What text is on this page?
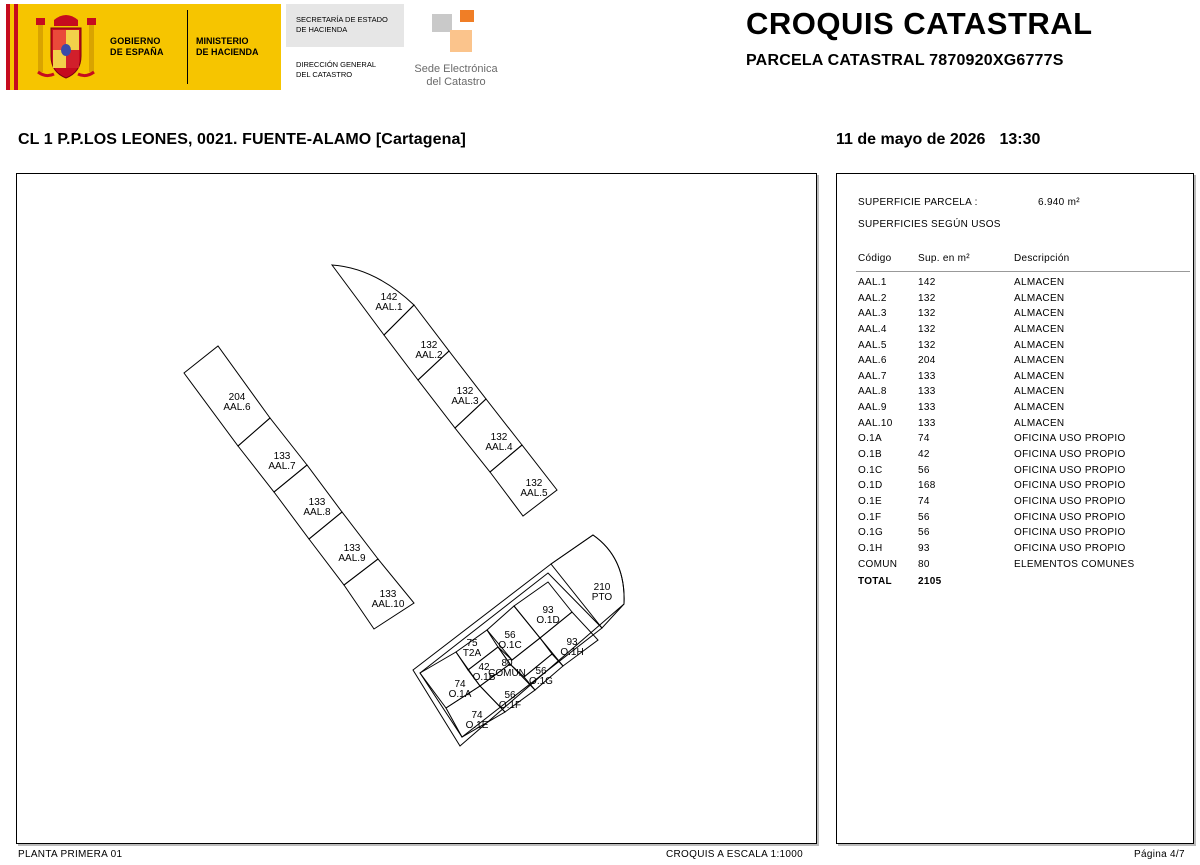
GOBIERNO
DE ESPAÑA
MINISTERIO
DE HACIENDA
SECRETARÍA DE ESTADO
DE HACIENDA
DIRECCIÓN GENERAL
DEL CATASTRO	Sede Electrónica
del Catastro
CROQUIS CATASTRAL
PARCELA CATASTRAL 7870920XG6777S
CL 1 P.P.LOS LEONES, 0021. FUENTE-ALAMO [Cartagena]	11 de mayo de 2026 13:30
142
AAL.1
132
AAL.2
132
AAL.3
132
AAL.4
132
AAL.5
204
AAL.6
133
AAL.7
133
AAL.8
133
AAL.9
133
AAL.10
210
PTO
93
O.1D
93
O.1H
56
O.1C
75
T2A
42
O.1B
80
COMUN 56
O.1G
74
O.1A	56
O.1F
74
O.1E
SUPERFICIE PARCELA :	6.940 m²
SUPERFICIES SEGÚN USOS
Código	Sup. en m²	Descripción
AAL.1	142	ALMACEN
AAL.2	132	ALMACEN
AAL.3	132	ALMACEN
AAL.4	132	ALMACEN
AAL.5	132	ALMACEN
AAL.6	204	ALMACEN
AAL.7	133	ALMACEN
AAL.8	133	ALMACEN
AAL.9	133	ALMACEN
AAL.10	133	ALMACEN
O.1A	74	OFICINA USO PROPIO
O.1B	42	OFICINA USO PROPIO
O.1C	56	OFICINA USO PROPIO
O.1D	168	OFICINA USO PROPIO
O.1E	74	OFICINA USO PROPIO
O.1F	56	OFICINA USO PROPIO
O.1G	56	OFICINA USO PROPIO
O.1H	93	OFICINA USO PROPIO
COMUN 80	ELEMENTOS COMUNES
TOTAL	2105
PLANTA PRIMERA 01	CROQUIS A ESCALA 1:1000	Página 4/7
